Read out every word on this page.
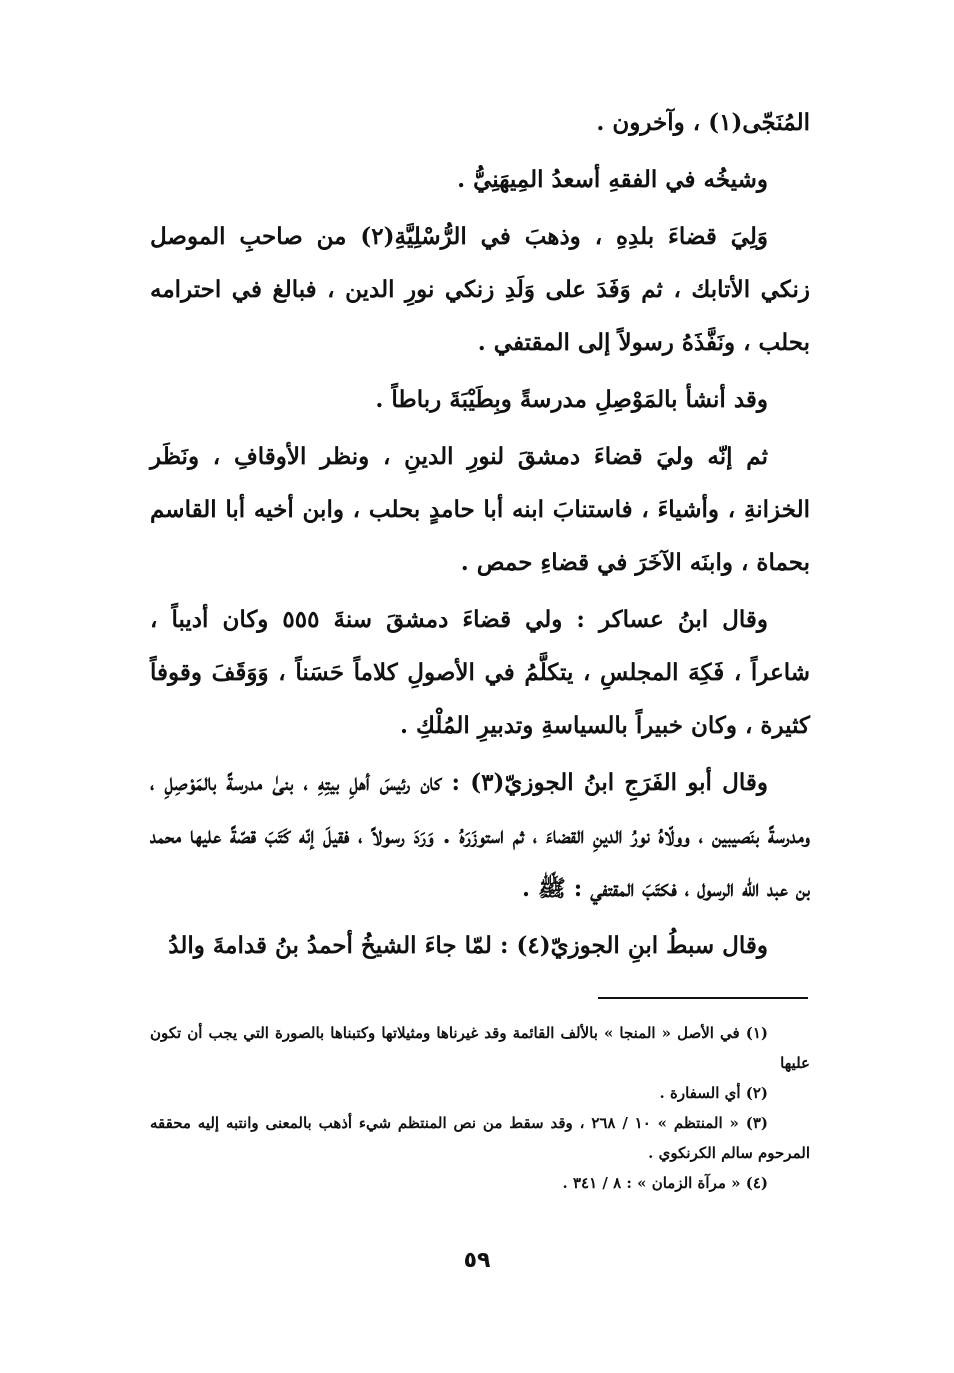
المُنَجّى(١) ، وآخرون .

وشيخُه في الفقهِ أسعدُ المِيهَنِيُّ .

وَلِيَ قضاءَ بلدِهِ ، وذهبَ في الرُّسْلِيَّةِ(٢) من صاحبِ الموصل زنكي الأتابك ، ثم وَفَدَ على وَلَدِ زنكي نورِ الدين ، فبالغ في احترامه بحلب ، ونَفَّذَهُ رسولاً إلى المقتفي .

وقد أنشأ بالمَوْصِلِ مدرسةً وبِطَيْبَةَ رباطاً .

ثم إنّه وليَ قضاءَ دمشقَ لنورِ الدينِ ، ونظر الأوقافِ ، ونَظَر الخزانةِ ، وأشياءَ ، فاستنابَ ابنه أبا حامدٍ بحلب ، وابن أخيه أبا القاسم بحماة ، وابنَه الآخَرَ في قضاءِ حمص .

وقال ابنُ عساكر : ولي قضاءَ دمشقَ سنةَ ٥٥٥ وكان أديباً ، شاعراً ، فَكِهَ المجلسِ ، يتكلَّمُ في الأصولِ كلاماً حَسَناً ، وَوَقَفَ وقوفاً كثيرة ، وكان خبيراً بالسياسةِ وتدبيرِ المُلْكِ .

وقال أبو الفَرَجِ ابنُ الجوزيّ(٣) : كان رئيسَ أهلِ بيتِهِ ، بنىٰ مدرسةً بالمَوْصِلِ ، ومدرسةً بنَصيبين ، وولّاهُ نورُ الدينِ القضاءَ ، ثم استوزَرَهُ . وَرَدَ رسولاً ، فقيلَ إنّه كَتَبَ قصّةً عليها محمد بن عبد الله الرسول ، فكتَبَ المقتفي : ﷺ .

وقال سبطُ ابنِ الجوزيّ(٤) : لمّا جاءَ الشيخُ أحمدُ بنُ قدامةَ والدُ

(١) في الأصل « المنجا » بالألف القائمة وقد غيرناها ومثيلاتها وكتبناها بالصورة التي يجب أن تكون عليها

(٢) أي السفارة .

(٣) « المنتظم » ١٠ / ٢٦٨ ، وقد سقط من نص المنتظم شيء أذهب بالمعنى وانتبه إليه محققه المرحوم سالم الكرنكوي .

(٤) « مرآة الزمان » : ٨ / ٣٤١ .

٥٩
